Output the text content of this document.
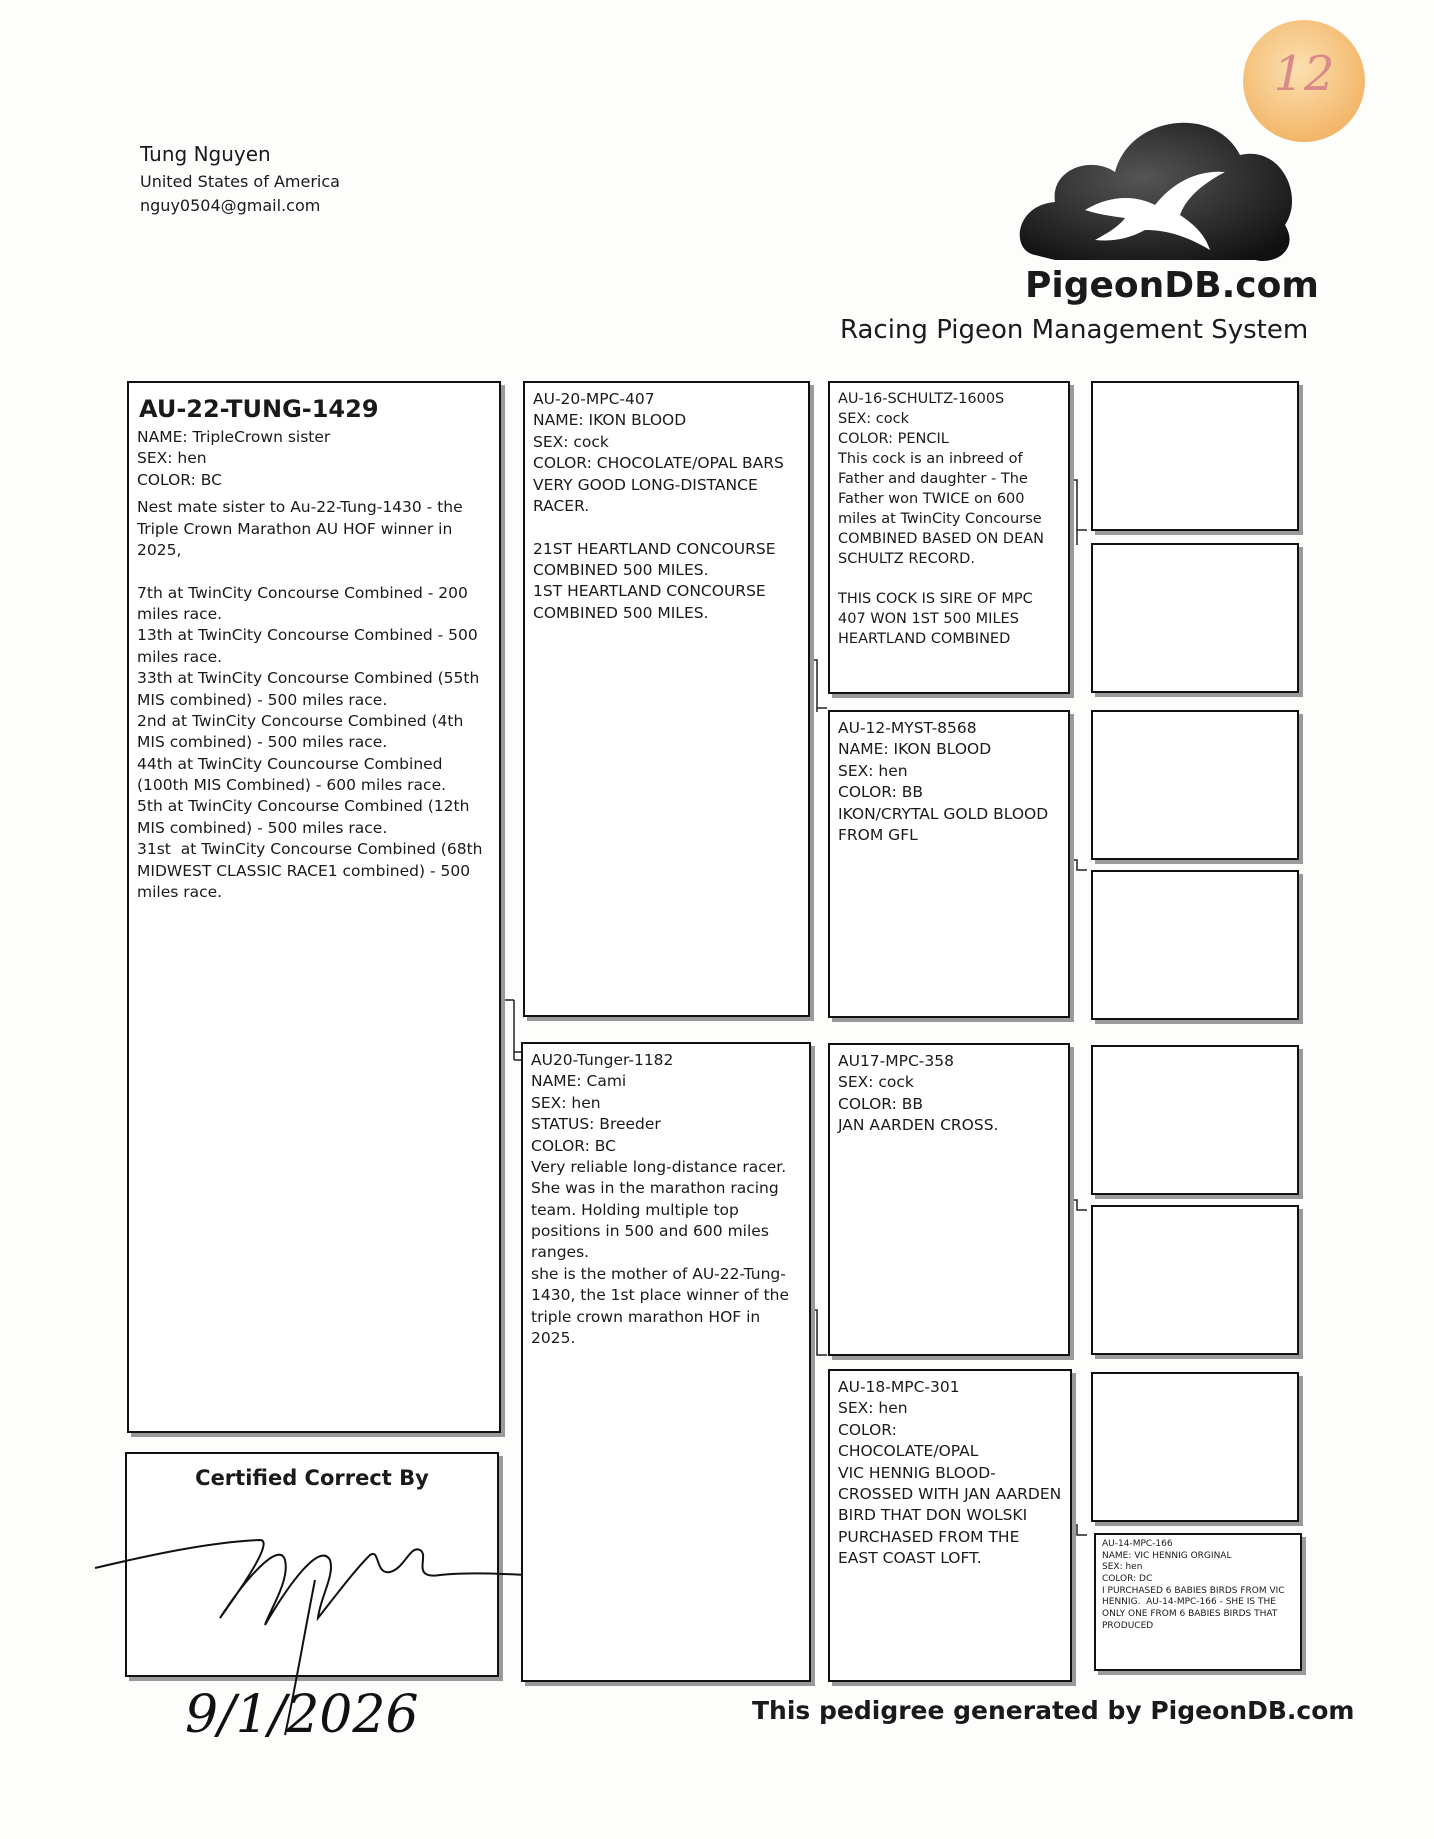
12
Tung Nguyen
United States of America
nguy0504@gmail.com
PigeonDB.com
Racing Pigeon Management System
AU-22-TUNG-1429
NAME: TripleCrown sister
SEX: hen
COLOR: BC
Nest mate sister to Au-22-Tung-1430 - the Triple Crown Marathon AU HOF winner in 2025,

7th at TwinCity Concourse Combined - 200 miles race.
13th at TwinCity Concourse Combined - 500 miles race.
33th at TwinCity Concourse Combined (55th MIS combined) - 500 miles race.
2nd at TwinCity Concourse Combined (4th MIS combined) - 500 miles race.
44th at TwinCity Councourse Combined (100th MIS Combined) - 600 miles race.
5th at TwinCity Concourse Combined (12th MIS combined) - 500 miles race.
31st  at TwinCity Concourse Combined (68th MIDWEST CLASSIC RACE1 combined) - 500 miles race.
Certified Correct By
9/1/2026
AU-20-MPC-407
NAME: IKON BLOOD
SEX: cock
COLOR: CHOCOLATE/OPAL BARS
VERY GOOD LONG-DISTANCE RACER.

21ST HEARTLAND CONCOURSE COMBINED 500 MILES.
1ST HEARTLAND CONCOURSE COMBINED 500 MILES.
AU20-Tunger-1182
NAME: Cami
SEX: hen
STATUS: Breeder
COLOR: BC
Very reliable long-distance racer. She was in the marathon racing team. Holding multiple top positions in 500 and 600 miles ranges.
she is the mother of AU-22-Tung-1430, the 1st place winner of the triple crown marathon HOF in 2025.
AU-16-SCHULTZ-1600S
SEX: cock
COLOR: PENCIL
This cock is an inbreed of Father and daughter - The Father won TWICE on 600 miles at TwinCity Concourse COMBINED BASED ON DEAN SCHULTZ RECORD.

THIS COCK IS SIRE OF MPC 407 WON 1ST 500 MILES HEARTLAND COMBINED
AU-12-MYST-8568
NAME: IKON BLOOD
SEX: hen
COLOR: BB
IKON/CRYTAL GOLD BLOOD FROM GFL
AU17-MPC-358
SEX: cock
COLOR: BB
JAN AARDEN CROSS.
AU-18-MPC-301
SEX: hen
COLOR:
CHOCOLATE/OPAL
VIC HENNIG BLOOD-CROSSED WITH JAN AARDEN BIRD THAT DON WOLSKI PURCHASED FROM THE EAST COAST LOFT.
AU-14-MPC-166
NAME: VIC HENNIG ORGINAL
SEX: hen
COLOR: DC
I PURCHASED 6 BABIES BIRDS FROM VIC HENNIG.  AU-14-MPC-166 - SHE IS THE ONLY ONE FROM 6 BABIES BIRDS THAT PRODUCED
This pedigree generated by PigeonDB.com
